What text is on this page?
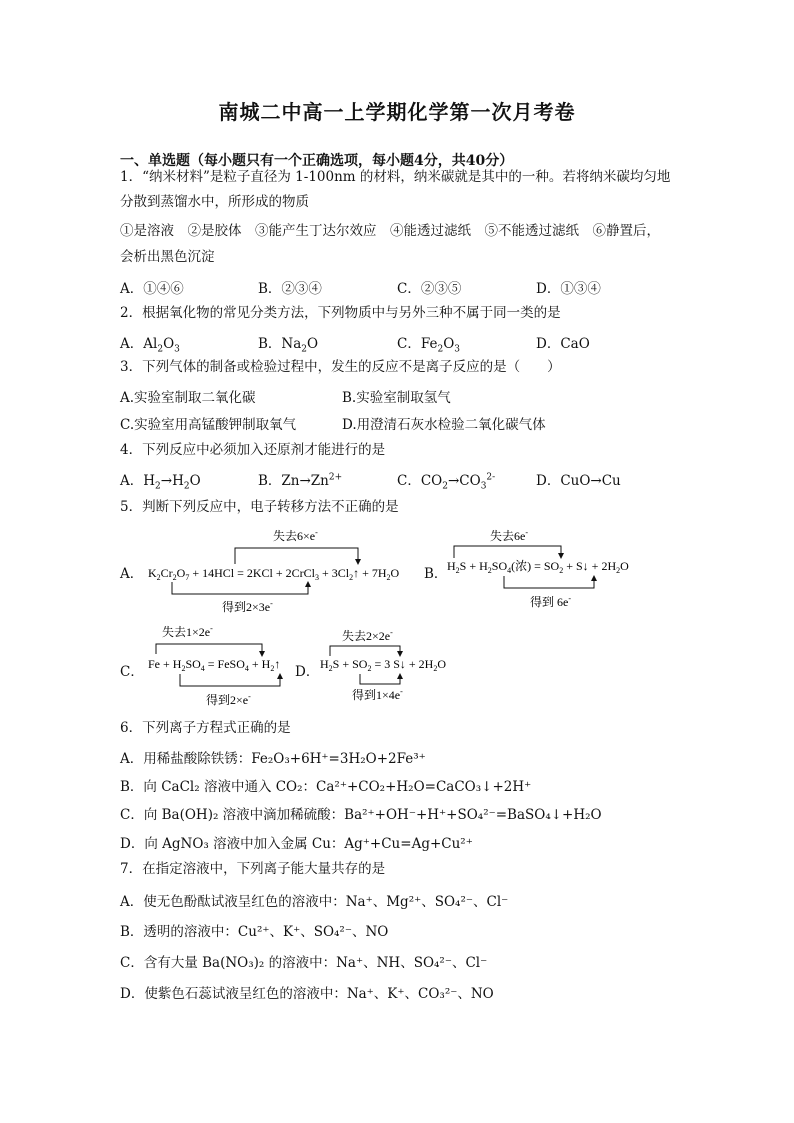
南城二中高一上学期化学第一次月考卷
一、单选题（每小题只有一个正确选项，每小题4分，共40分）
1．“纳米材料”是粒子直径为 1-100nm 的材料，纳米碳就是其中的一种。若将纳米碳均匀地
分散到蒸馏水中，所形成的物质
①是溶液　②是胶体　③能产生丁达尔效应　④能透过滤纸　⑤不能透过滤纸　⑥静置后，
会析出黑色沉淀
A．①④⑥	B．②③④	C．②③⑤	D．①③④
2．根据氧化物的常见分类方法，下列物质中与另外三种不属于同一类的是
A．$Al_2O_3$	B．$Na_2O$	C．$Fe_2O_3$	D．CaO
3．下列气体的制备或检验过程中，发生的反应不是离子反应的是（　　）
A.实验室制取二氧化碳	B.实验室制取氢气
C.实验室用高锰酸钾制取氧气	D.用澄清石灰水检验二氧化碳气体
4．下列反应中必须加入还原剂才能进行的是
A．$H_2\to H_2O$	B．$Zn\to Zn^{2+}$	C．$CO_2\to CO_3^{2-}$	D．CuO→Cu
5．判断下列反应中，电子转移方法不正确的是
A．
失去6×e-
$K_2Cr_2O_7 + 14HCl = 2KCl$ + 2CrCl$_3$ + $3Cl_2↑ + 7H_2O$
得到2×3e-
B．
失去6e-
$H_2S + H_2SO_4$(浓) = $SO_2$ + S↓ + $2H_2O$
得到 6e-
C．
失去1×2e-
$Fe + H_2SO_4$ = FeSO$_4$ + $H_2↑$
得到2×e-
D．
失去2×2e-
$H_2S + SO_2 = 3$ S↓ + $2H_2O$
得到1×4e-
6．下列离子方程式正确的是
A．用稀盐酸除铁锈：Fe₂O₃+6H⁺=3H₂O+2Fe³⁺
B．向 CaCl₂ 溶液中通入 CO₂：Ca²⁺+CO₂+H₂O=CaCO₃↓+2H⁺
C．向 Ba(OH)₂ 溶液中滴加稀硫酸：Ba²⁺+OH⁻+H⁺+SO₄²⁻=BaSO₄↓+H₂O
D．向 AgNO₃ 溶液中加入金属 Cu：Ag⁺+Cu=Ag+Cu²⁺
7．在指定溶液中，下列离子能大量共存的是
A．使无色酚酞试液呈红色的溶液中：Na⁺、Mg²⁺、SO₄²⁻、Cl⁻
B．透明的溶液中：Cu²⁺、K⁺、SO₄²⁻、NO
C．含有大量 Ba(NO₃)₂ 的溶液中：Na⁺、NH、SO₄²⁻、Cl⁻
D．使紫色石蕊试液呈红色的溶液中：Na⁺、K⁺、CO₃²⁻、NO
